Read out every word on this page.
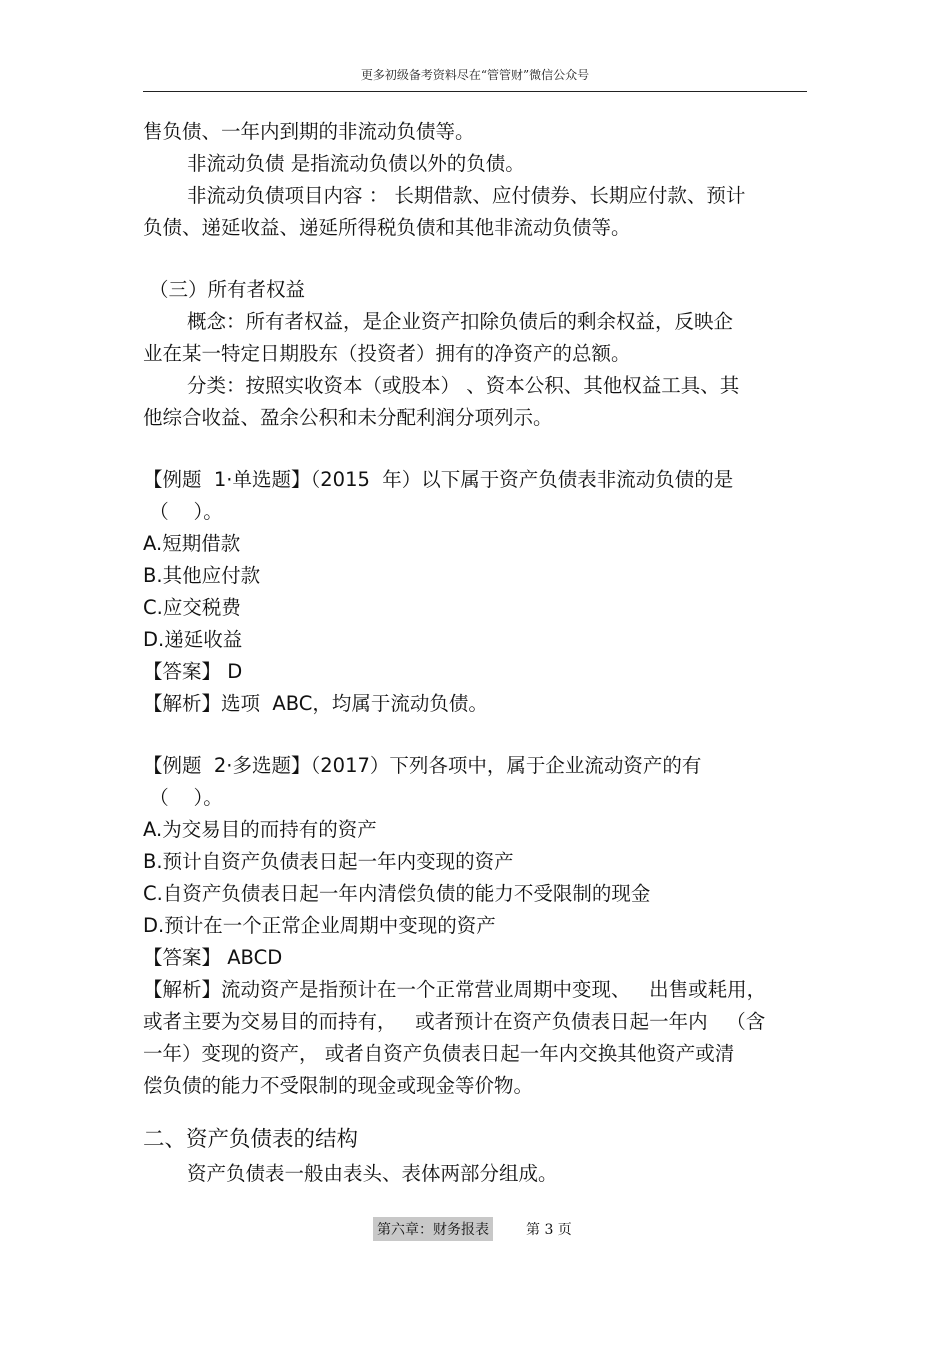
更多初级备考资料尽在“管管财”微信公众号
售负债、一年内到期的非流动负债等。
非流动负债 是指流动负债以外的负债。
非流动负债项目内容 ： 长期借款、应付债券、长期应付款、预计
负债、递延收益、递延所得税负债和其他非流动负债等。
（三）所有者权益
概念：所有者权益，是企业资产扣除负债后的剩余权益，反映企
业在某一特定日期股东（投资者）拥有的净资产的总额。
分类：按照实收资本（或股本） 、资本公积、其他权益工具、其
他综合收益、盈余公积和未分配利润分项列示。
【例题  1·单选题】（2015  年）以下属于资产负债表非流动负债的是
（    ）。
A.短期借款
B.其他应付款
C.应交税费
D.递延收益
【答案】 D
【解析】选项  ABC，均属于流动负债。
【例题  2·多选题】（2017）下列各项中，属于企业流动资产的有
（    ）。
A.为交易目的而持有的资产
B.预计自资产负债表日起一年内变现的资产
C.自资产负债表日起一年内清偿负债的能力不受限制的现金
D.预计在一个正常企业周期中变现的资产
【答案】 ABCD
【解析】流动资产是指预计在一个正常营业周期中变现、   出售或耗用，
或者主要为交易目的而持有，   或者预计在资产负债表日起一年内   （含
一年）变现的资产， 或者自资产负债表日起一年内交换其他资产或清
偿负债的能力不受限制的现金或现金等价物。
二、资产负债表的结构
资产负债表一般由表头、表体两部分组成。
第六章：财务报表	第 3 页
